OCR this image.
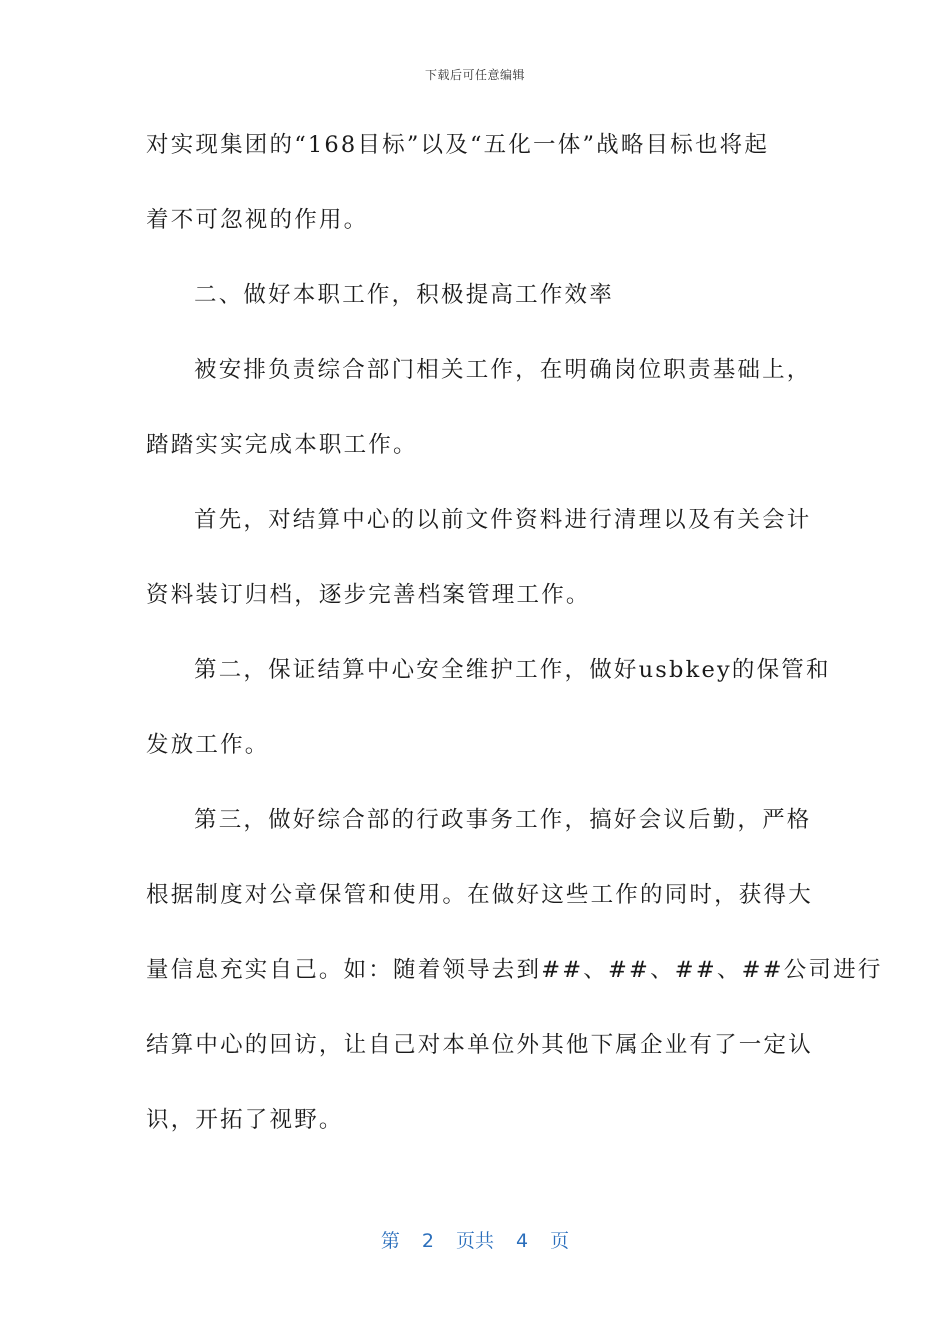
下载后可任意编辑
对实现集团的“168目标”以及“五化一体”战略目标也将起
着不可忽视的作用。
二、做好本职工作，积极提高工作效率
被安排负责综合部门相关工作，在明确岗位职责基础上，
踏踏实实完成本职工作。
首先，对结算中心的以前文件资料进行清理以及有关会计
资料装订归档，逐步完善档案管理工作。
第二，保证结算中心安全维护工作，做好usbkey的保管和
发放工作。
第三，做好综合部的行政事务工作，搞好会议后勤，严格
根据制度对公章保管和使用。在做好这些工作的同时，获得大
量信息充实自己。如：随着领导去到##、##、##、##公司进行
结算中心的回访，让自己对本单位外其他下属企业有了一定认
识，开拓了视野。
第 2 页共 4 页
